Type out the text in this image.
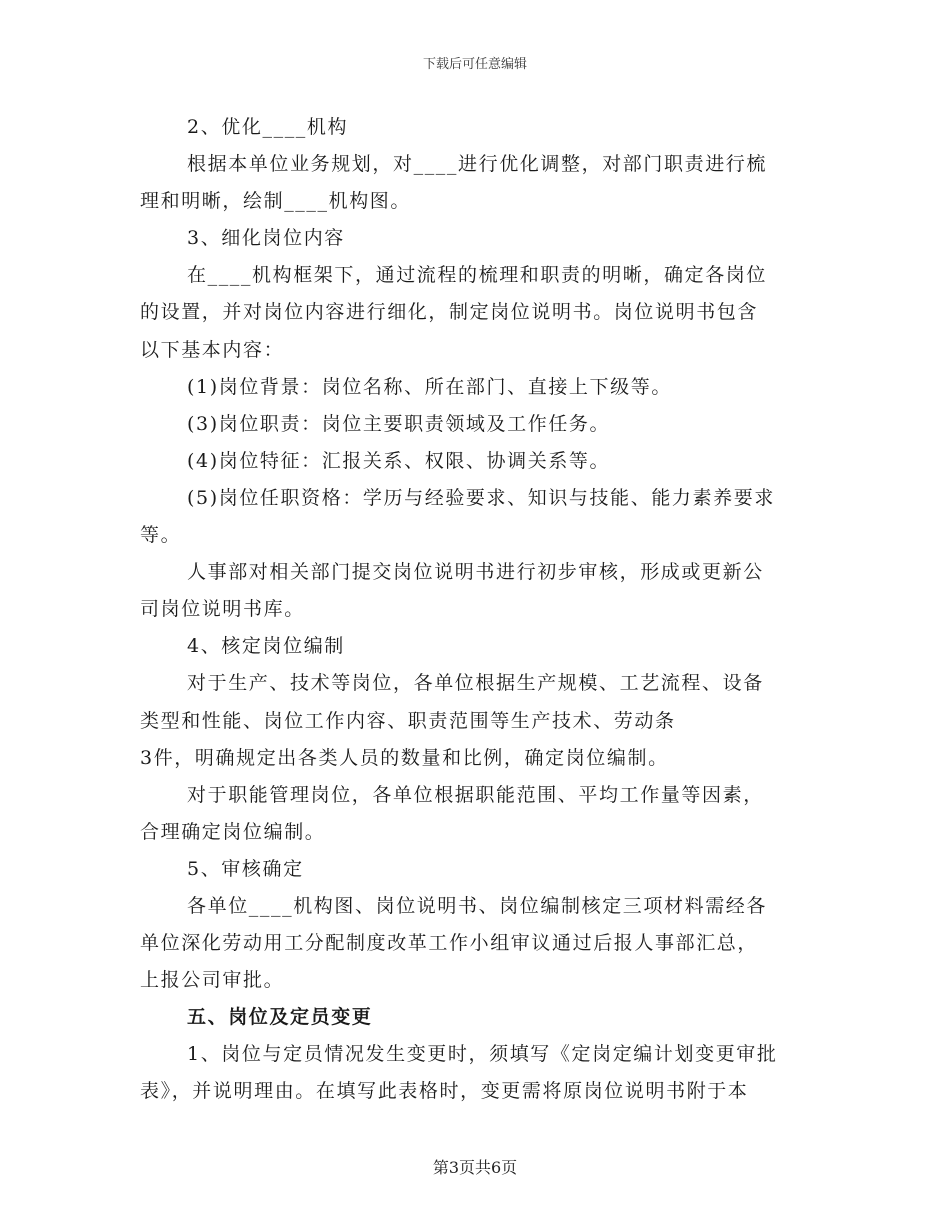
下载后可任意编辑
2、优化____机构
根据本单位业务规划，对____进行优化调整，对部门职责进行梳
理和明晰，绘制____机构图。
3、细化岗位内容
在____机构框架下，通过流程的梳理和职责的明晰，确定各岗位
的设置，并对岗位内容进行细化，制定岗位说明书。岗位说明书包含
以下基本内容：
(1)岗位背景：岗位名称、所在部门、直接上下级等。
(3)岗位职责：岗位主要职责领域及工作任务。
(4)岗位特征：汇报关系、权限、协调关系等。
(5)岗位任职资格：学历与经验要求、知识与技能、能力素养要求
等。
人事部对相关部门提交岗位说明书进行初步审核，形成或更新公
司岗位说明书库。
4、核定岗位编制
对于生产、技术等岗位，各单位根据生产规模、工艺流程、设备
类型和性能、岗位工作内容、职责范围等生产技术、劳动条
3件，明确规定出各类人员的数量和比例，确定岗位编制。
对于职能管理岗位，各单位根据职能范围、平均工作量等因素，
合理确定岗位编制。
5、审核确定
各单位____机构图、岗位说明书、岗位编制核定三项材料需经各
单位深化劳动用工分配制度改革工作小组审议通过后报人事部汇总，
上报公司审批。
五、岗位及定员变更
1、岗位与定员情况发生变更时，须填写《定岗定编计划变更审批
表》，并说明理由。在填写此表格时，变更需将原岗位说明书附于本
第3页共6页
